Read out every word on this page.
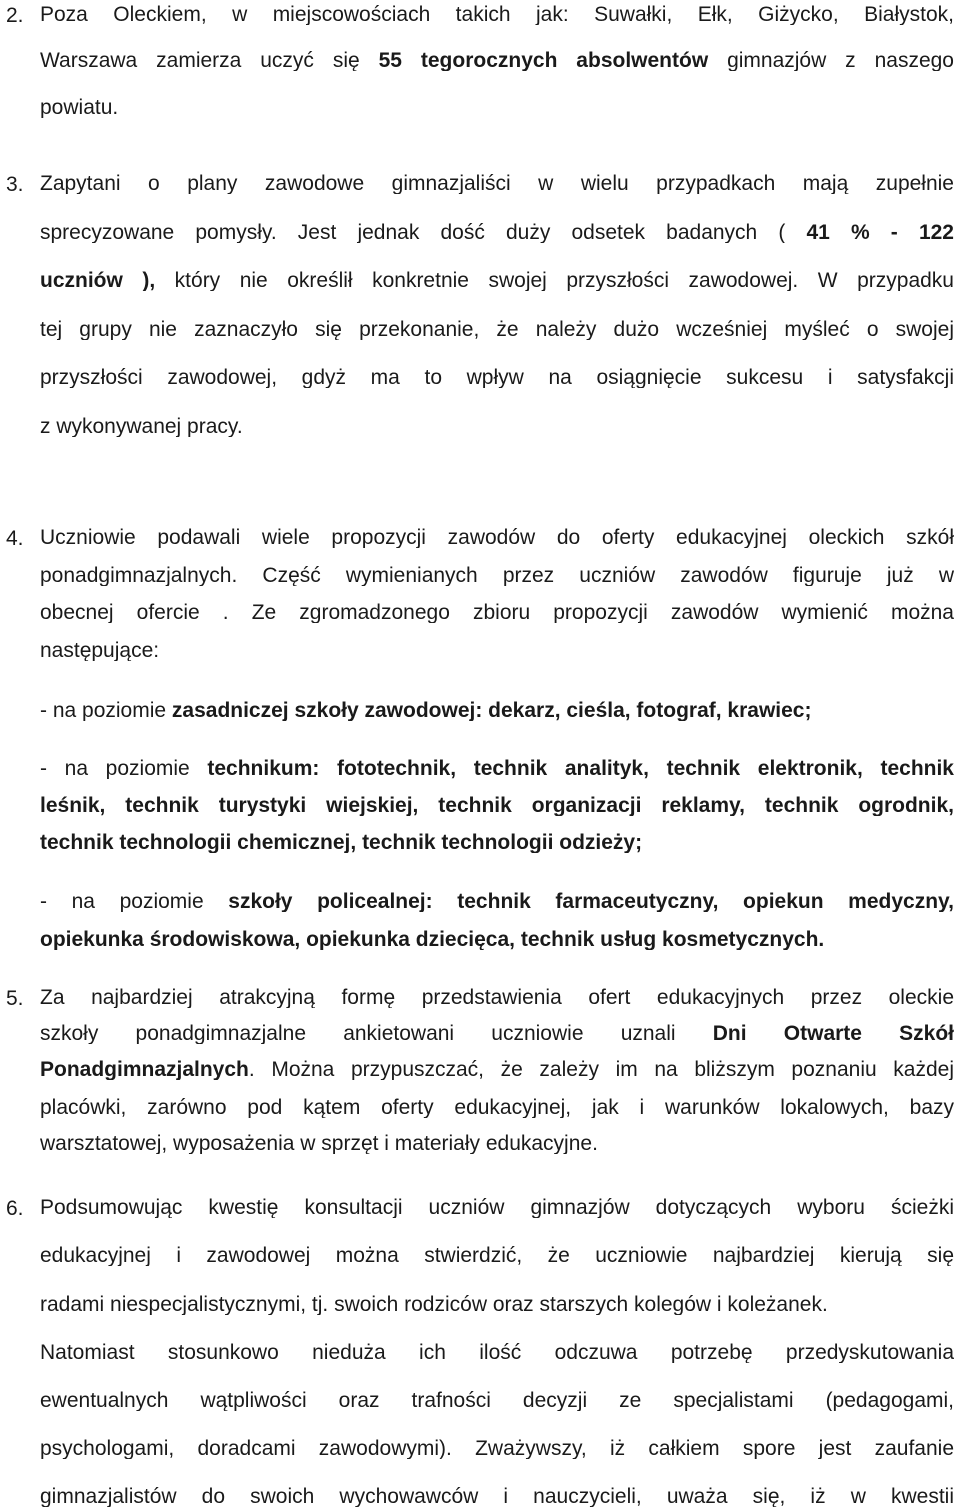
2. Poza Oleckiem, w miejscowościach takich jak: Suwałki, Ełk, Giżycko, Białystok,
Warszawa zamierza uczyć się 55 tegorocznych absolwentów gimnazjów z naszego
powiatu.
3. Zapytani o plany zawodowe gimnazjaliści w wielu przypadkach mają zupełnie
sprecyzowane pomysły. Jest jednak dość duży odsetek badanych ( 41 % - 122
uczniów ), który nie określił konkretnie swojej przyszłości zawodowej. W przypadku
tej grupy nie zaznaczyło się przekonanie, że należy dużo wcześniej myśleć o swojej
przyszłości zawodowej, gdyż ma to wpływ na osiągnięcie sukcesu i satysfakcji
z wykonywanej pracy.
4. Uczniowie podawali wiele propozycji zawodów do oferty edukacyjnej oleckich szkół
ponadgimnazjalnych. Część wymienianych przez uczniów zawodów figuruje już w
obecnej ofercie . Ze zgromadzonego zbioru propozycji zawodów wymienić można
następujące:
- na poziomie zasadniczej szkoły zawodowej: dekarz, cieśla, fotograf, krawiec;
- na poziomie technikum: fototechnik, technik analityk, technik elektronik, technik
leśnik, technik turystyki wiejskiej, technik organizacji reklamy, technik ogrodnik,
technik technologii chemicznej, technik technologii odzieży;
- na poziomie szkoły policealnej: technik farmaceutyczny, opiekun medyczny,
opiekunka środowiskowa, opiekunka dziecięca, technik usług kosmetycznych.
5. Za najbardziej atrakcyjną formę przedstawienia ofert edukacyjnych przez oleckie
szkoły ponadgimnazjalne ankietowani uczniowie uznali Dni Otwarte Szkół
Ponadgimnazjalnych. Można przypuszczać, że zależy im na bliższym poznaniu każdej
placówki, zarówno pod kątem oferty edukacyjnej, jak i warunków lokalowych, bazy
warsztatowej, wyposażenia w sprzęt i materiały edukacyjne.
6. Podsumowując kwestię konsultacji uczniów gimnazjów dotyczących wyboru ścieżki
edukacyjnej i zawodowej można stwierdzić, że uczniowie najbardziej kierują się
radami niespecjalistycznymi, tj. swoich rodziców oraz starszych kolegów i koleżanek.
Natomiast stosunkowo nieduża ich ilość odczuwa potrzebę przedyskutowania
ewentualnych wątpliwości oraz trafności decyzji ze specjalistami (pedagogami,
psychologami, doradcami zawodowymi). Zważywszy, iż całkiem spore jest zaufanie
gimnazjalistów do swoich wychowawców i nauczycieli, uważa się, iż w kwestii
